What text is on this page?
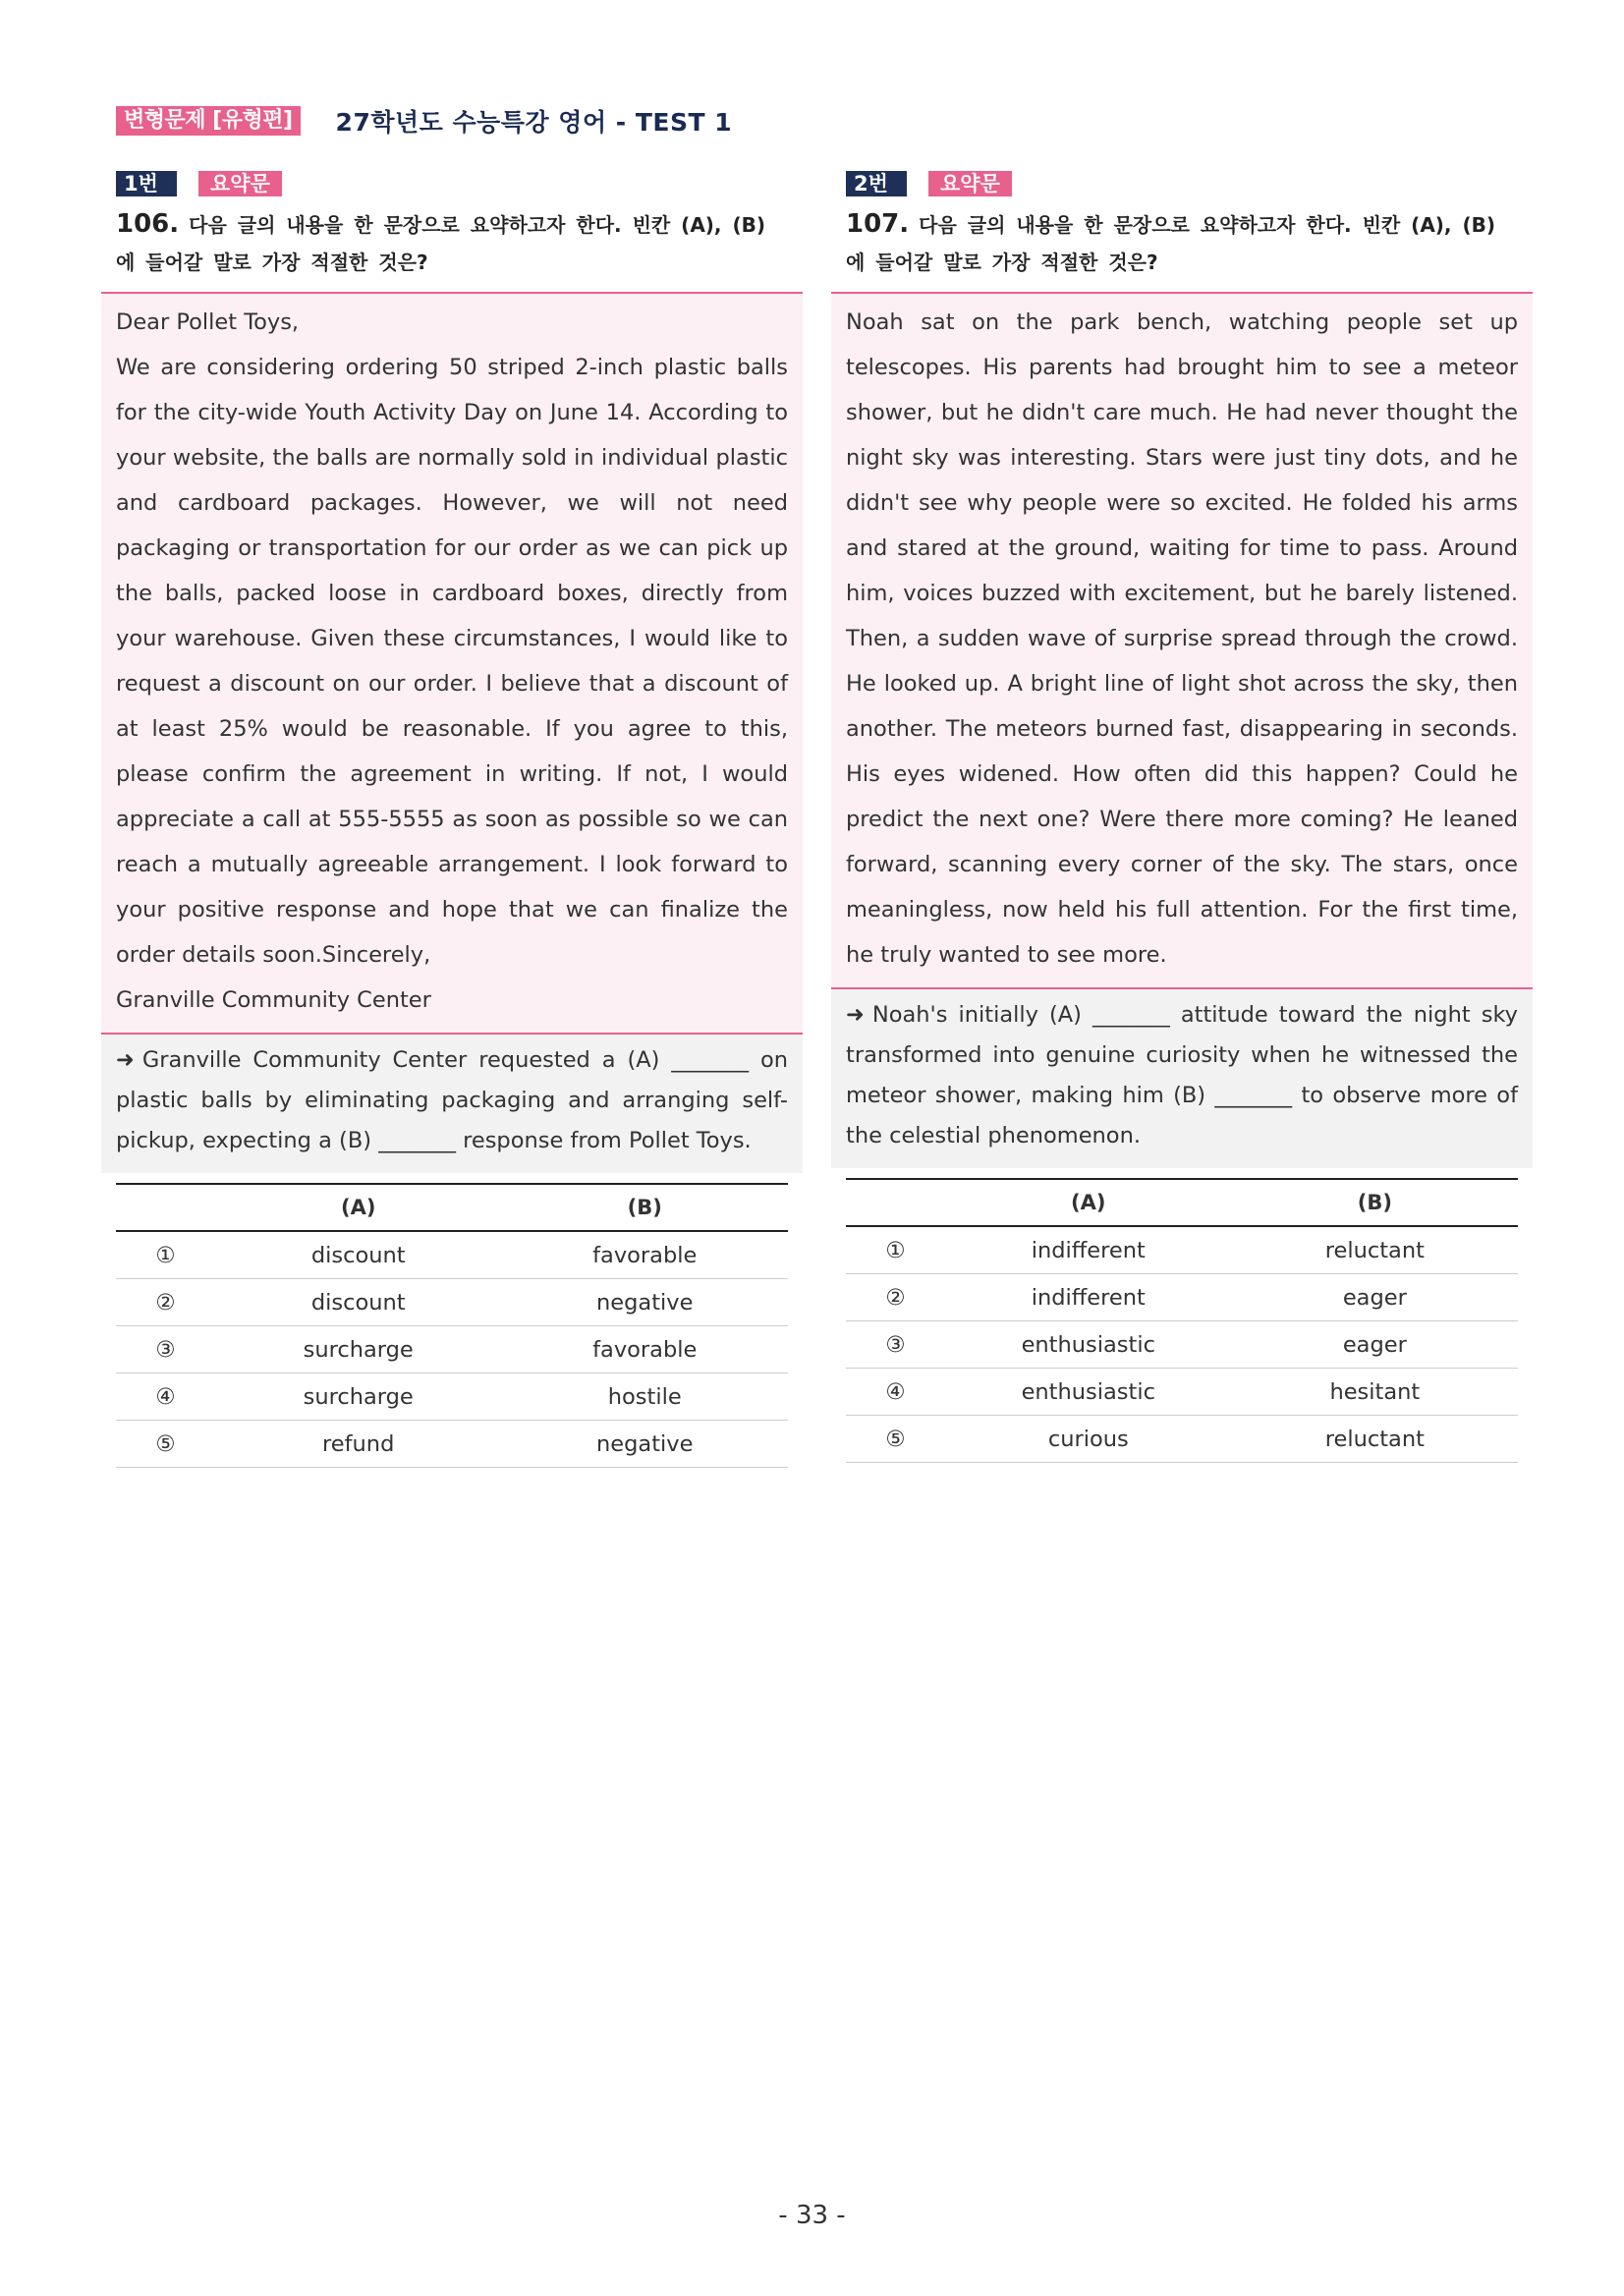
변형문제 [유형편]	27학년도 수능특강 영어 - TEST 1
1번	요약문
106. 다음 글의 내용을 한 문장으로 요약하고자 한다. 빈칸 (A), (B)에 들어갈 말로 가장 적절한 것은?

Dear Pollet Toys,

We are considering ordering 50 striped 2-inch plastic balls for the city-wide Youth Activity Day on June 14. According to your website, the balls are normally sold in individual plastic and cardboard packages. However, we will not need packaging or transportation for our order as we can pick up the balls, packed loose in cardboard boxes, directly from your warehouse. Given these circumstances, I would like to request a discount on our order. I believe that a discount of at least 25% would be reasonable. If you agree to this, please confirm the agreement in writing. If not, I would appreciate a call at 555-5555 as soon as possible so we can reach a mutually agreeable arrangement. I look forward to your positive response and hope that we can finalize the order details soon.Sincerely,

Granville Community Center

➜ Granville Community Center requested a (A) _______ on plastic balls by eliminating packaging and arranging self-pickup, expecting a (B) _______ response from Pollet Toys.
	(A)	(B)
①	discount	favorable
②	discount	negative
③	surcharge	favorable
④	surcharge	hostile
⑤	refund	negative
2번	요약문
107. 다음 글의 내용을 한 문장으로 요약하고자 한다. 빈칸 (A), (B)에 들어갈 말로 가장 적절한 것은?

Noah sat on the park bench, watching people set up telescopes. His parents had brought him to see a meteor shower, but he didn't care much. He had never thought the night sky was interesting. Stars were just tiny dots, and he didn't see why people were so excited. He folded his arms and stared at the ground, waiting for time to pass. Around him, voices buzzed with excitement, but he barely listened. Then, a sudden wave of surprise spread through the crowd. He looked up. A bright line of light shot across the sky, then another. The meteors burned fast, disappearing in seconds. His eyes widened. How often did this happen? Could he predict the next one? Were there more coming? He leaned forward, scanning every corner of the sky. The stars, once meaningless, now held his full attention. For the first time, he truly wanted to see more.

➜ Noah's initially (A) _______ attitude toward the night sky transformed into genuine curiosity when he witnessed the meteor shower, making him (B) _______ to observe more of the celestial phenomenon.
	(A)	(B)
①	indifferent	reluctant
②	indifferent	eager
③	enthusiastic	eager
④	enthusiastic	hesitant
⑤	curious	reluctant
- 33 -
